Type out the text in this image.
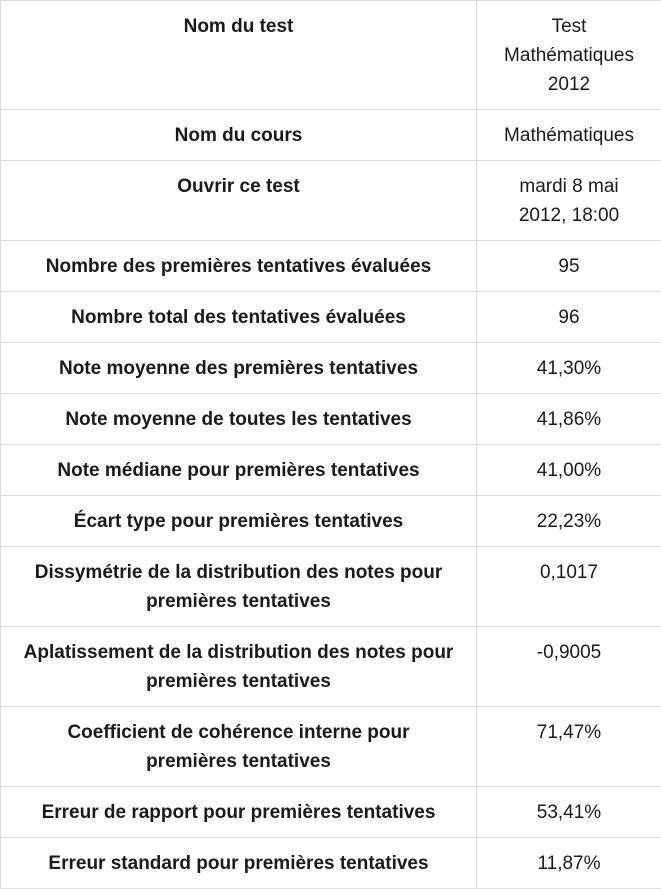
Nom du test	Test Mathématiques 2012
Nom du cours	Mathématiques
Ouvrir ce test	mardi 8 mai 2012, 18:00
Nombre des premières tentatives évaluées	95
Nombre total des tentatives évaluées	96
Note moyenne des premières tentatives	41,30%
Note moyenne de toutes les tentatives	41,86%
Note médiane pour premières tentatives	41,00%
Écart type pour premières tentatives	22,23%
Dissymétrie de la distribution des notes pour premières tentatives	0,1017
Aplatissement de la distribution des notes pour premières tentatives	-0,9005
Coefficient de cohérence interne pour premières tentatives	71,47%
Erreur de rapport pour premières tentatives	53,41%
Erreur standard pour premières tentatives	11,87%
